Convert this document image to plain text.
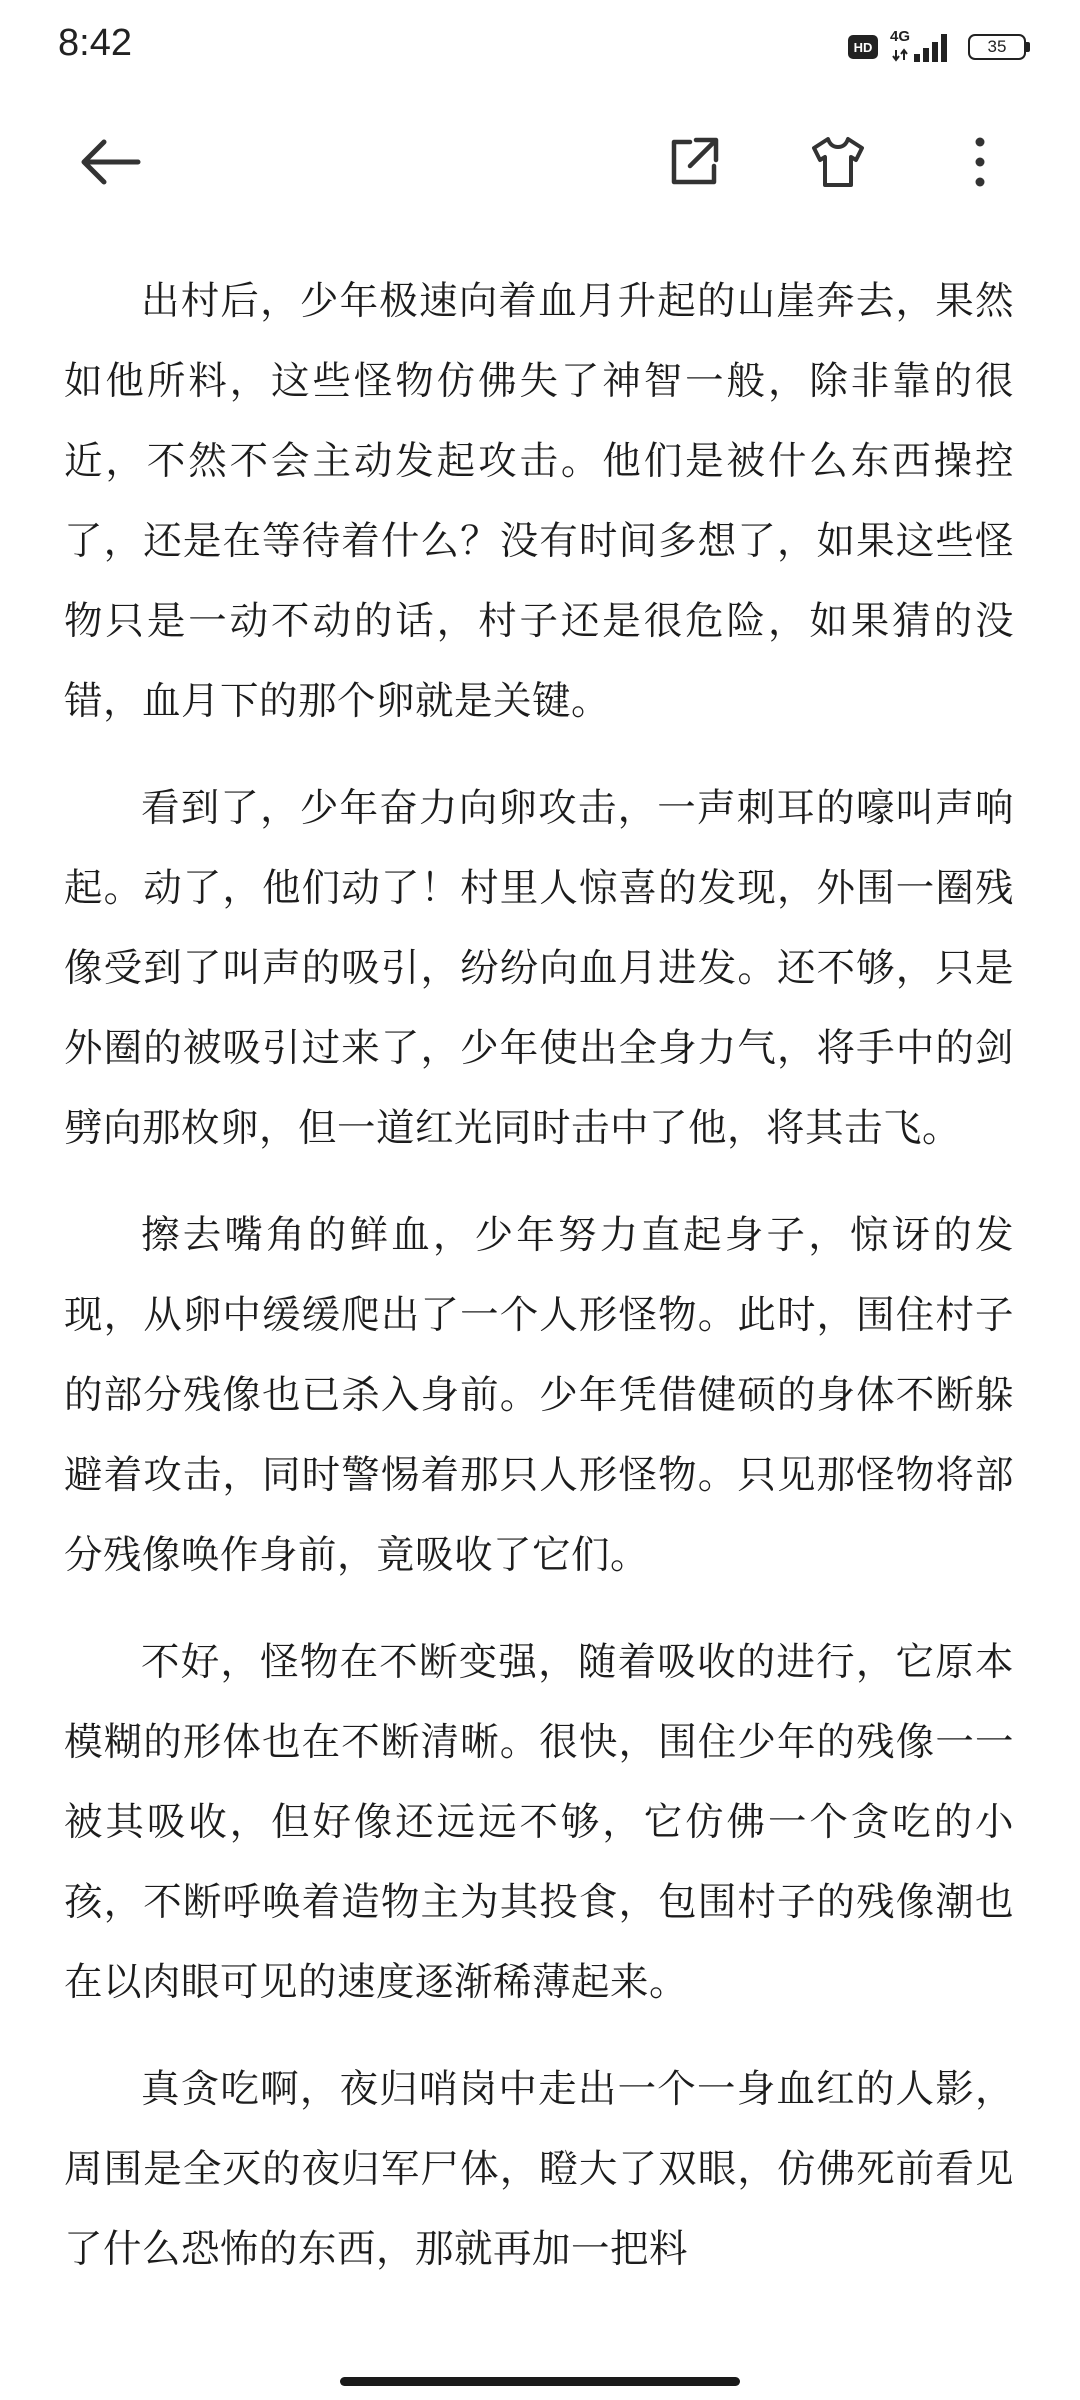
8:42	HD
4G
35

出村后，少年极速向着血月升起的山崖奔去，果然如他所料，这些怪物仿佛失了神智一般，除非靠的很近，不然不会主动发起攻击。他们是被什么东西操控了，还是在等待着什么？没有时间多想了，如果这些怪物只是一动不动的话，村子还是很危险，如果猜的没错，血月下的那个卵就是关键。

看到了，少年奋力向卵攻击，一声刺耳的嚎叫声响起。动了，他们动了！村里人惊喜的发现，外围一圈残像受到了叫声的吸引，纷纷向血月进发。还不够，只是外圈的被吸引过来了，少年使出全身力气，将手中的剑劈向那枚卵，但一道红光同时击中了他，将其击飞。

擦去嘴角的鲜血，少年努力直起身子，惊讶的发现，从卵中缓缓爬出了一个人形怪物。此时，围住村子的部分残像也已杀入身前。少年凭借健硕的身体不断躲避着攻击，同时警惕着那只人形怪物。只见那怪物将部分残像唤作身前，竟吸收了它们。

不好，怪物在不断变强，随着吸收的进行，它原本模糊的形体也在不断清晰。很快，围住少年的残像一一被其吸收，但好像还远远不够，它仿佛一个贪吃的小孩，不断呼唤着造物主为其投食，包围村子的残像潮也在以肉眼可见的速度逐渐稀薄起来。

真贪吃啊，夜归哨岗中走出一个一身血红的人影，周围是全灭的夜归军尸体，瞪大了双眼，仿佛死前看见了什么恐怖的东西，那就再加一把料
